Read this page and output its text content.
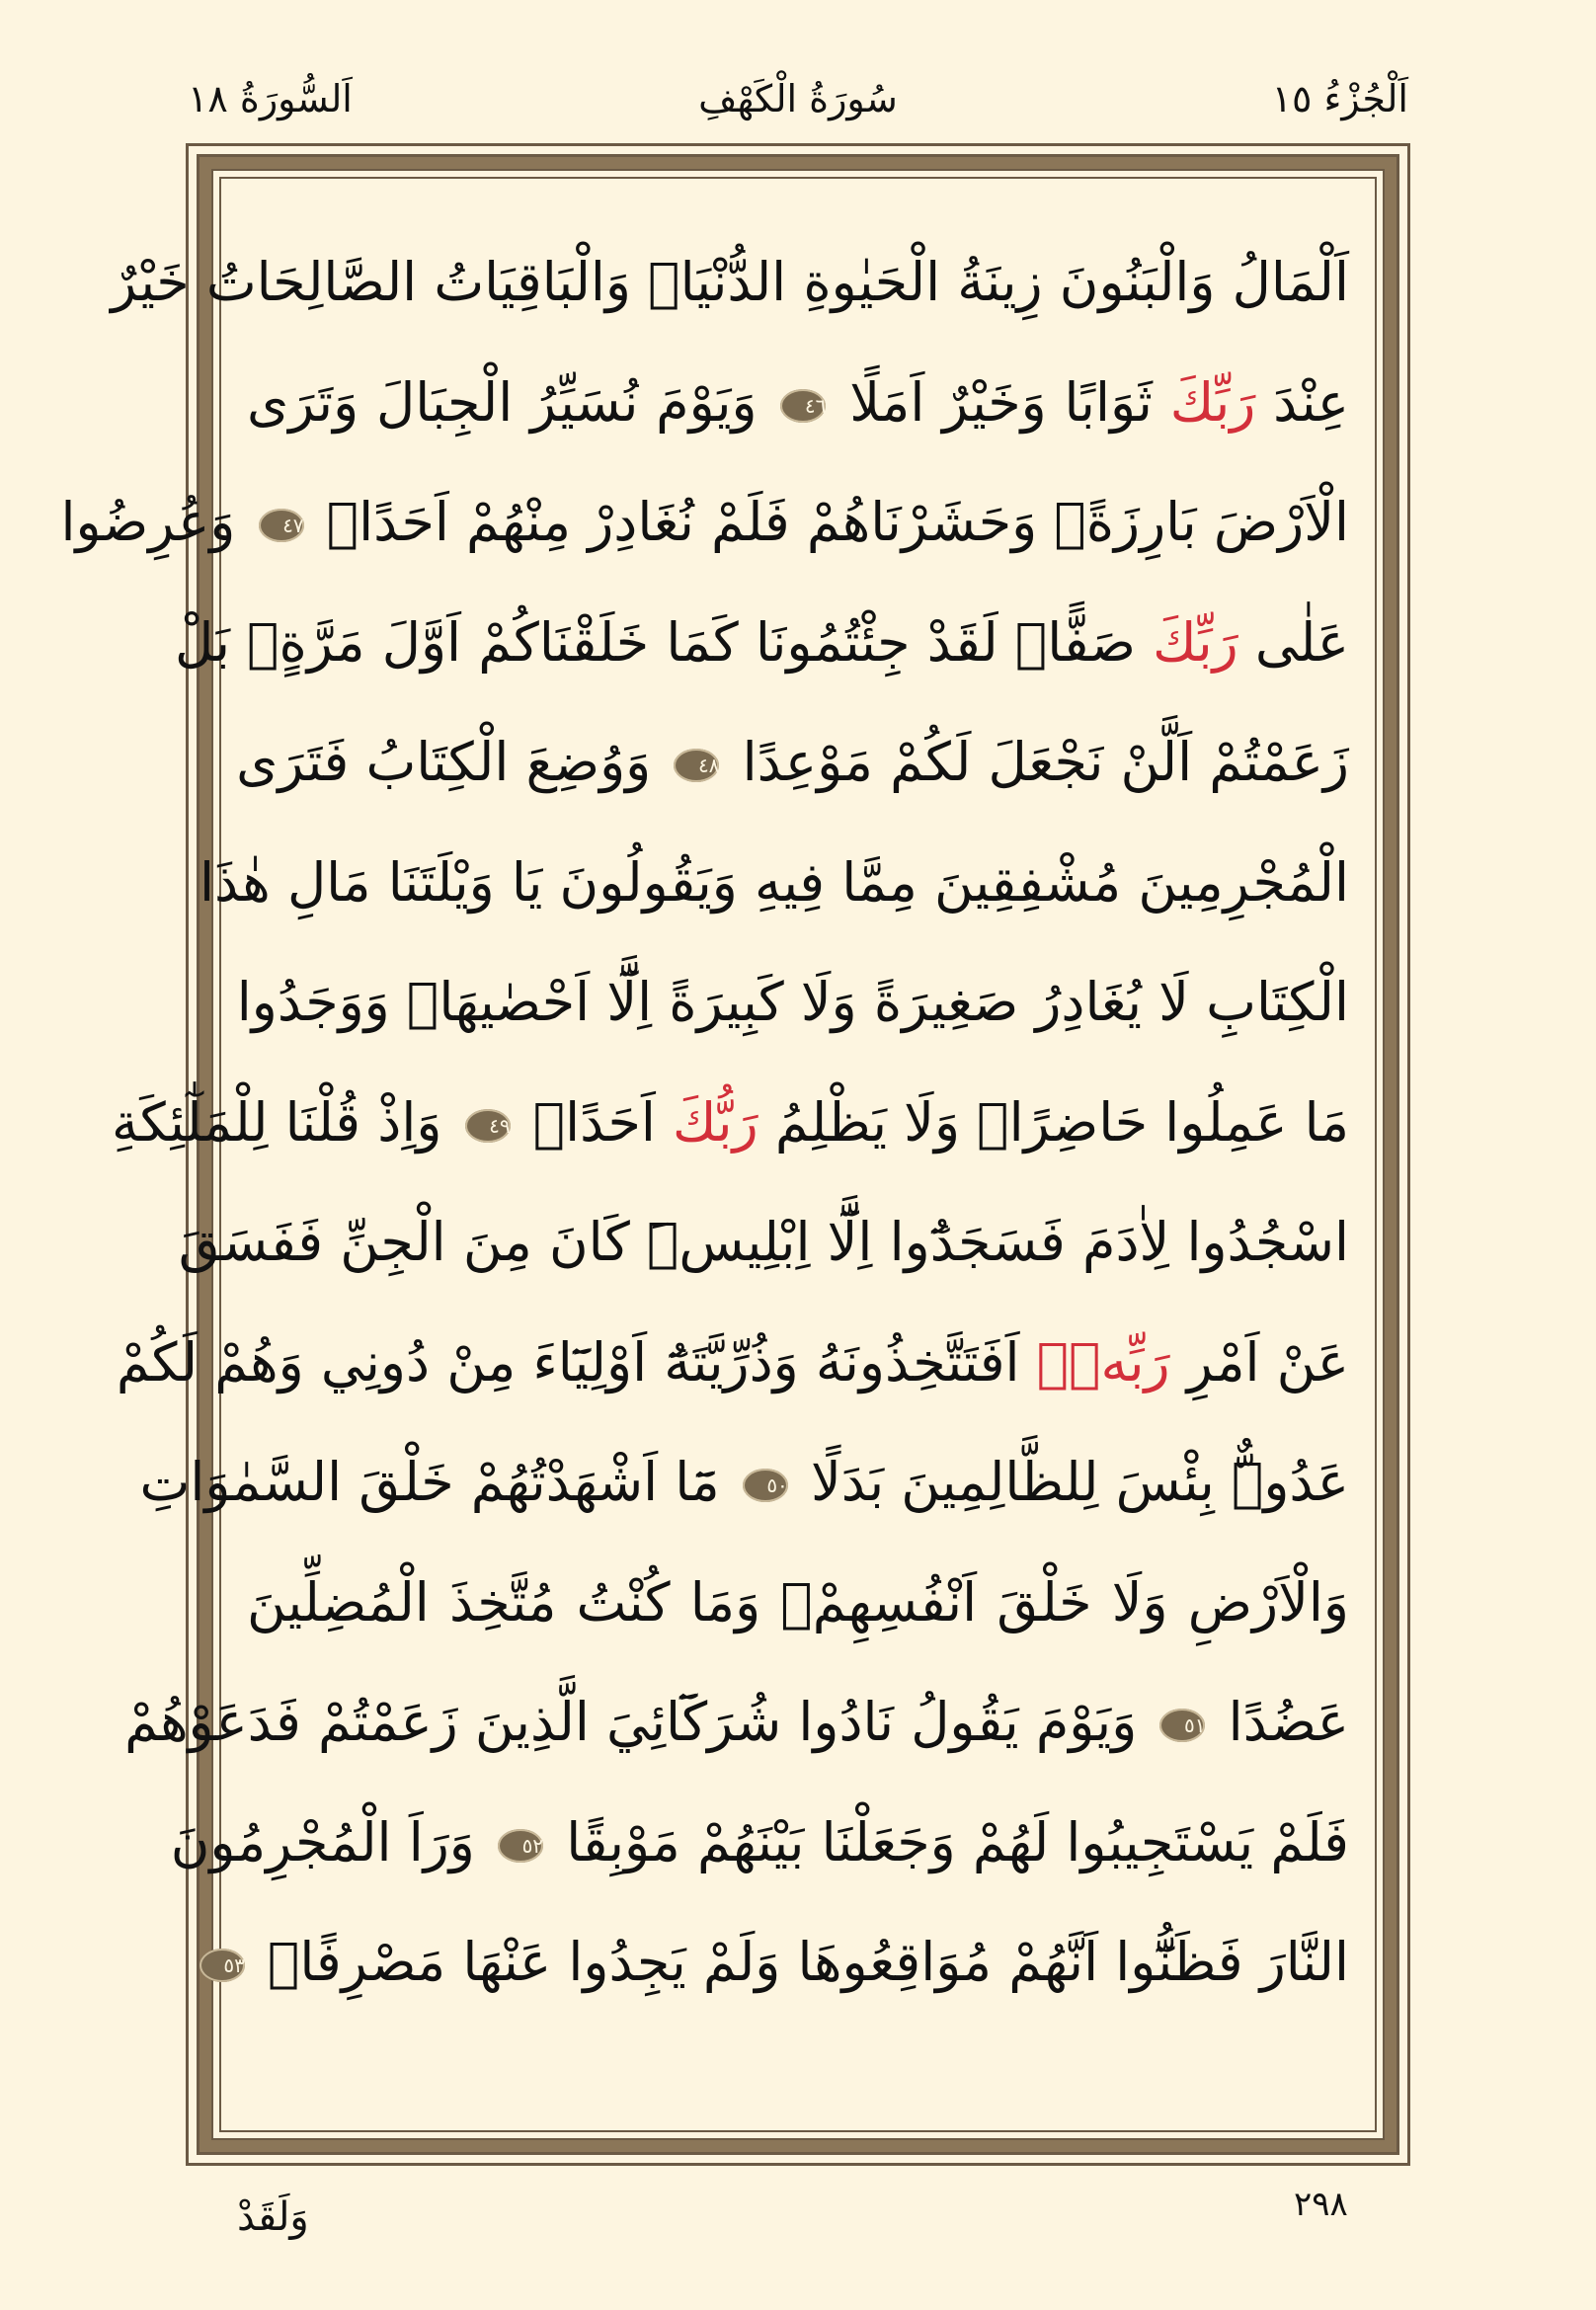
اَلسُّورَةُ ١٨	سُورَةُ الْكَهْفِ	اَلْجُزْءُ ١٥
اَلْمَالُ وَالْبَنُونَ زِينَةُ الْحَيٰوةِ الدُّنْيَاۚ وَالْبَاقِيَاتُ الصَّالِحَاتُ خَيْرٌ
عِنْدَ رَبِّكَ ثَوَابًا وَخَيْرٌ اَمَلًا ٤٦ وَيَوْمَ نُسَيِّرُ الْجِبَالَ وَتَرَى
الْاَرْضَ بَارِزَةًۙ وَحَشَرْنَاهُمْ فَلَمْ نُغَادِرْ مِنْهُمْ اَحَدًاۚ ٤٧ وَعُرِضُوا
عَلٰى رَبِّكَ صَفًّاۜ لَقَدْ جِئْتُمُونَا كَمَا خَلَقْنَاكُمْ اَوَّلَ مَرَّةٍۘ بَلْ
زَعَمْتُمْ اَلَّنْ نَجْعَلَ لَكُمْ مَوْعِدًا ٤٨ وَوُضِعَ الْكِتَابُ فَتَرَى
الْمُجْرِمِينَ مُشْفِقِينَ مِمَّا فِيهِ وَيَقُولُونَ يَا وَيْلَتَنَا مَالِ هٰذَا
الْكِتَابِ لَا يُغَادِرُ صَغِيرَةً وَلَا كَبِيرَةً اِلَّٓا اَحْصٰيهَاۚ وَوَجَدُوا
مَا عَمِلُوا حَاضِرًاۜ وَلَا يَظْلِمُ رَبُّكَ اَحَدًاࣖ ٤٩ وَاِذْ قُلْنَا لِلْمَلٰٓئِكَةِ
اسْجُدُوا لِاٰدَمَ فَسَجَدُٓوا اِلَّٓا اِبْلِيسَۜ كَانَ مِنَ الْجِنِّ فَفَسَقَ
عَنْ اَمْرِ رَبِّهٖۜ اَفَتَتَّخِذُونَهُ وَذُرِّيَّتَهُٓ اَوْلِيَٓاءَ مِنْ دُونِي وَهُمْ لَكُمْ
عَدُوٌّۜ بِئْسَ لِلظَّالِمِينَ بَدَلًا ٥٠ مَٓا اَشْهَدْتُهُمْ خَلْقَ السَّمٰوَاتِ
وَالْاَرْضِ وَلَا خَلْقَ اَنْفُسِهِمْۖ وَمَا كُنْتُ مُتَّخِذَ الْمُضِلِّينَ
عَضُدًا ٥١ وَيَوْمَ يَقُولُ نَادُوا شُرَكَٓائِيَ الَّذِينَ زَعَمْتُمْ فَدَعَوْهُمْ
فَلَمْ يَسْتَجِيبُوا لَهُمْ وَجَعَلْنَا بَيْنَهُمْ مَوْبِقًا ٥٢ وَرَاَ الْمُجْرِمُونَ
النَّارَ فَظَنُّٓوا اَنَّهُمْ مُوَاقِعُوهَا وَلَمْ يَجِدُوا عَنْهَا مَصْرِفًاࣖ ٥٣
٢٩٨
وَلَقَدْ
